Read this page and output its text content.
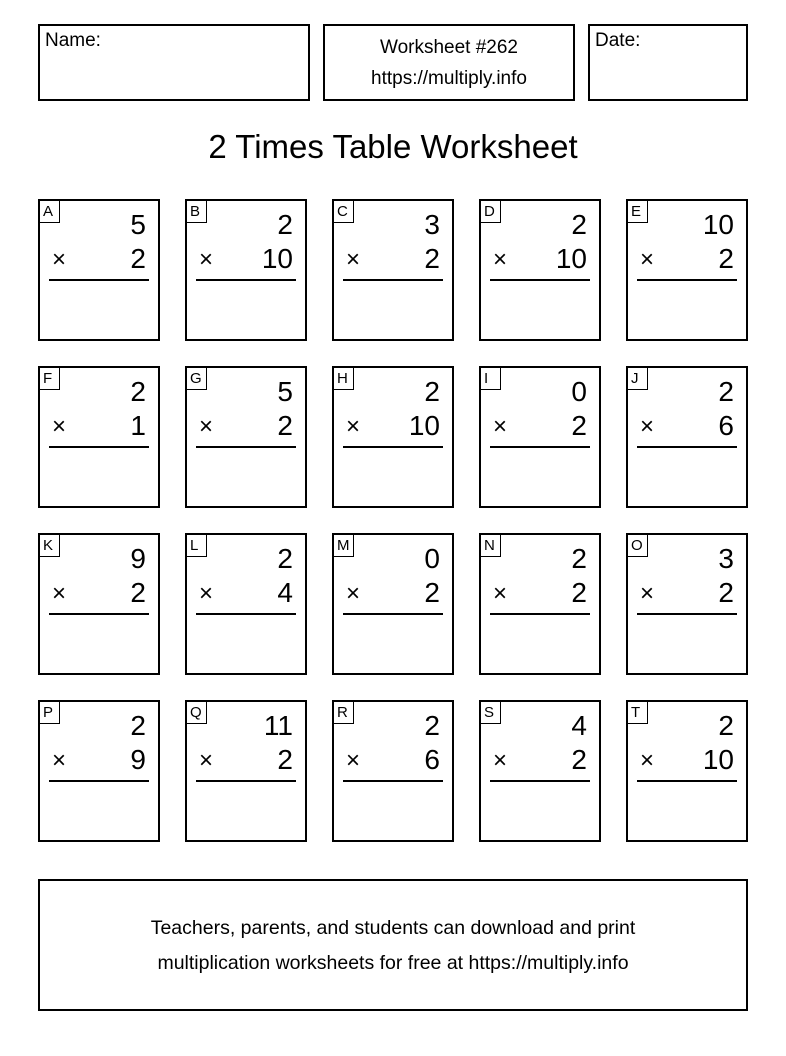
Name:	Worksheet #262
https://multiply.info
Date:
2 Times Table Worksheet
A	5
× 2
B	2
× 10
C	3
× 2
D	2
× 10
E 10
× 2
F	2
× 1
G	5
× 2
H	2
× 10
I	0
× 2
J	2
× 6
K	9
× 2
L	2
× 4
M	0
× 2
N	2
× 2
O	3
× 2
P	2
× 9
Q 11
× 2
R	2
× 6
S	4
× 2
T	2
× 10
Teachers, parents, and students can download and print
multiplication worksheets for free at https://multiply.info
